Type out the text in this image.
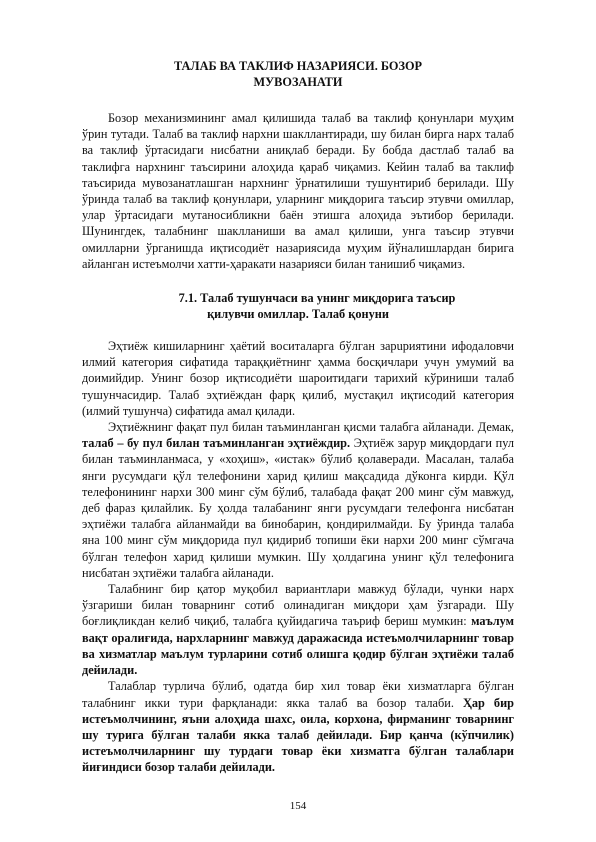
ТАЛАБ ВА ТАКЛИФ НАЗАРИЯСИ. БОЗОР
МУВОЗАНАТИ

Бозор механизмининг амал қилишида талаб ва таклиф қонунлари муҳим ўрин тутади. Талаб ва таклиф нархни шакллантиради, шу билан бирга нарх талаб ва таклиф ўртасидаги нисбатни аниқлаб беради. Бу бобда дастлаб талаб ва таклифга нархнинг таъсирини алоҳида қараб чиқамиз. Кейин талаб ва таклиф таъсирида мувозанатлашган нархнинг ўрнатилиши тушунтириб берилади. Шу ўринда талаб ва таклиф қонунлари, уларнинг миқдорига таъсир этувчи омиллар, улар ўртасидаги мутаносибликни баён этишга алоҳида эътибор берилади. Шунингдек, талабнинг шаклланиши ва амал қилиши, унга таъсир этувчи омилларни ўрганишда иқтисодиёт назариясида муҳим йўналишлардан бирига айланган истеъмолчи хатти-ҳаракати назарияси билан танишиб чиқамиз.

7.1. Талаб тушунчаси ва унинг миқдорига таъсир
қилувчи омиллар. Талаб қонуни

Эҳтиёж кишиларнинг ҳаётий воситаларга бўлган зарuриятини ифодаловчи илмий категория сифатида тараққиётнинг ҳамма босқичлари учун умумий ва доимийдир. Унинг бозор иқтисодиёти шароитидаги тарихий кўриниши талаб тушунчасидир. Талаб эҳтиёждан фарқ қилиб, мустақил иқтисодий категория (илмий тушунча) сифатида амал қилади.

Эҳтиёжнинг фақат пул билан таъминланган қисми талабга айланади. Демак, талаб – бу пул билан таъминланган эҳтиёждир. Эҳтиёж зарур миқдордаги пул билан таъминланмаса, у «хоҳиш», «истак» бўлиб қолаверади. Масалан, талаба янги русумдаги қўл телефонини харид қилиш мақсадида дўконга кирди. Қўл телефонининг нархи 300 минг сўм бўлиб, талабада фақат 200 минг сўм мавжуд, деб фараз қилайлик. Бу ҳолда талабанинг янги русумдаги телефонга нисбатан эҳтиёжи талабга айланмайди ва бинобарин, қондирилмайди. Бу ўринда талаба яна 100 минг сўм миқдорида пул қидириб топиши ёки нархи 200 минг сўмгача бўлган телефон харид қилиши мумкин. Шу ҳолдагина унинг қўл телефонига нисбатан эҳтиёжи талабга айланади.

Талабнинг бир қатор муқобил вариантлари мавжуд бўлади, чунки нарх ўзгариши билан товарнинг сотиб олинадиган миқдори ҳам ўзгаради. Шу боғлиқликдан келиб чиқиб, талабга қуйидагича таъриф бериш мумкин: маълум вақт оралиғида, нархларнинг мавжуд даражасида истеъмолчиларнинг товар ва хизматлар маълум турларини сотиб олишга қодир бўлган эҳтиёжи талаб дейилади.

Талаблар турлича бўлиб, одатда бир хил товар ёки хизматларга бўлган талабнинг икки тури фарқланади: якка талаб ва бозор талаби. Ҳар бир истеъмолчининг, яъни алоҳида шахс, оила, корхона, фирманинг товарнинг шу турига бўлган талаби якка талаб дейилади. Бир қанча (кўпчилик) истеъмолчиларнинг шу турдаги товар ёки хизматга бўлган талаблари йиғиндиси бозор талаби дейилади.

154
